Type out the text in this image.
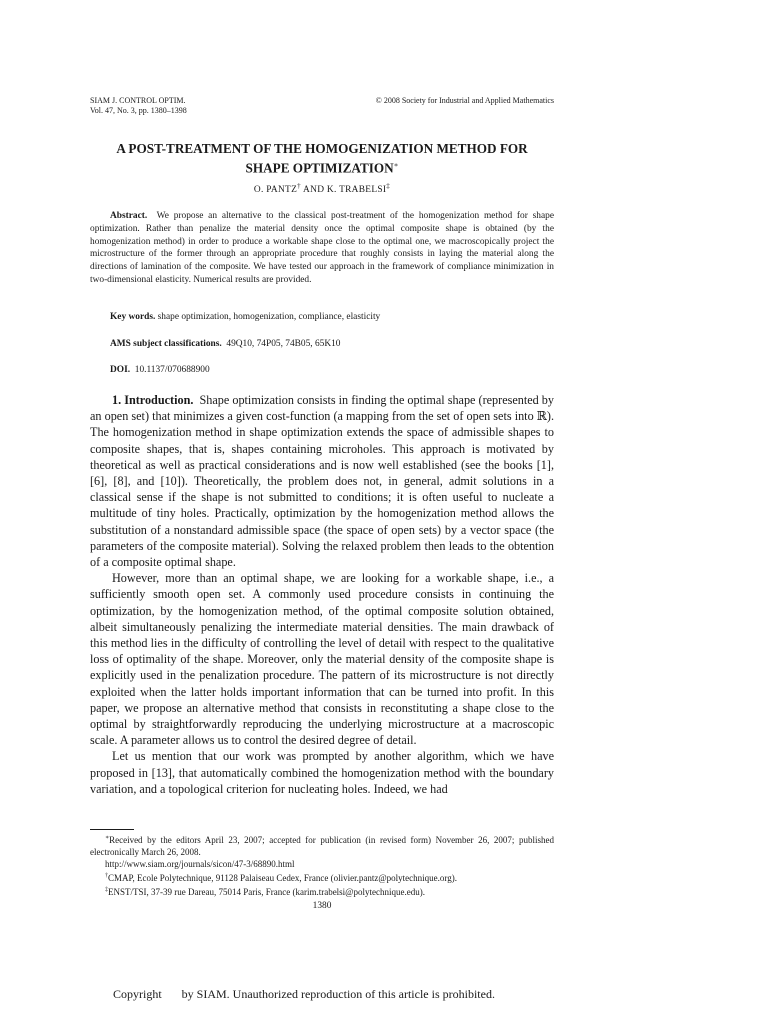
SIAM J. CONTROL OPTIM.
Vol. 47, No. 3, pp. 1380–1398
© 2008 Society for Industrial and Applied Mathematics
A POST-TREATMENT OF THE HOMOGENIZATION METHOD FOR
SHAPE OPTIMIZATION∗
O. PANTZ† AND K. TRABELSI‡
Abstract. We propose an alternative to the classical post-treatment of the homogenization method for shape optimization. Rather than penalize the material density once the optimal composite shape is obtained (by the homogenization method) in order to produce a workable shape close to the optimal one, we macroscopically project the microstructure of the former through an appropriate procedure that roughly consists in laying the material along the directions of lamination of the composite. We have tested our approach in the framework of compliance minimization in two-dimensional elasticity. Numerical results are provided.
Key words. shape optimization, homogenization, compliance, elasticity
AMS subject classifications. 49Q10, 74P05, 74B05, 65K10
DOI. 10.1137/070688900

1. Introduction. Shape optimization consists in finding the optimal shape (represented by an open set) that minimizes a given cost-function (a mapping from the set of open sets into ℝ). The homogenization method in shape optimization extends the space of admissible shapes to composite shapes, that is, shapes containing microholes. This approach is motivated by theoretical as well as practical considerations and is now well established (see the books [1], [6], [8], and [10]). Theoretically, the problem does not, in general, admit solutions in a classical sense if the shape is not submitted to conditions; it is often useful to nucleate a multitude of tiny holes. Practically, optimization by the homogenization method allows the substitution of a nonstandard admissible space (the space of open sets) by a vector space (the parameters of the composite material). Solving the relaxed problem then leads to the obtention of a composite optimal shape.

However, more than an optimal shape, we are looking for a workable shape, i.e., a sufficiently smooth open set. A commonly used procedure consists in continuing the optimization, by the homogenization method, of the optimal composite solution obtained, albeit simultaneously penalizing the intermediate material densities. The main drawback of this method lies in the difficulty of controlling the level of detail with respect to the qualitative loss of optimality of the shape. Moreover, only the material density of the composite shape is explicitly used in the penalization procedure. The pattern of its microstructure is not directly exploited when the latter holds important information that can be turned into profit. In this paper, we propose an alternative method that consists in reconstituting a shape close to the optimal by straightforwardly reproducing the underlying microstructure at a macroscopic scale. A parameter allows us to control the desired degree of detail.

Let us mention that our work was prompted by another algorithm, which we have proposed in [13], that automatically combined the homogenization method with the boundary variation, and a topological criterion for nucleating holes. Indeed, we had

∗Received by the editors April 23, 2007; accepted for publication (in revised form) November 26, 2007; published electronically March 26, 2008.

http://www.siam.org/journals/sicon/47-3/68890.html

†CMAP, Ecole Polytechnique, 91128 Palaiseau Cedex, France (olivier.pantz@polytechnique.org).

‡ENST/TSI, 37-39 rue Dareau, 75014 Paris, France (karim.trabelsi@polytechnique.edu).

1380
Copyright by SIAM. Unauthorized reproduction of this article is prohibited.
